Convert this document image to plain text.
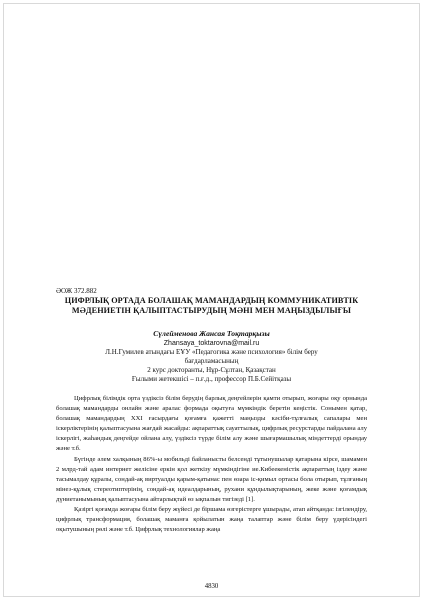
ӘОЖ 372.882

ЦИФРЛЫҚ ОРТАДА БОЛАШАҚ МАМАНДАРДЫҢ КОММУНИКАТИВТІК

МӘДЕНИЕТІН ҚАЛЫПТАСТЫРУДЫҢ МӘНІ МЕН МАҢЫЗДЫЛЫҒЫ

Сүлейменова Жансая Тоқтарқызы

Zhansaya_toktarovna@mail.ru

Л.Н.Гумилев атындағы ЕҰУ «Педагогика және психология» білім беру

бағдарламасының

2 курс докторанты, Нұр-Сұлтан, Қазақстан

Ғылыми жетекшісі – п.ғ.д., профессор П.Б.Сейітқазы

Цифрлық білімдік орта үздіксіз білім берудің барлық деңгейлерін қамти отырып, жоғары оқу орнында болашақ мамандарды онлайн және аралас формада оқытуға мүмкіндік беретін кеңістік. Сонымен қатар, болашақ мамандардың XXI ғасырдағы қоғамға қажетті маңызды кәсіби-тұлғалық сапалары мен іскерліктерінің қалыптасуына жағдай жасайды: ақпараттық сауаттылық, цифрлық ресурстарды пайдалана алу іскерлігі, жаһандық деңгейде ойлана алу, үздіксіз түрде білім алу және шығармашылық міндеттерді орындау және т.б.

Бүгінде әлем халқының 86%-ы мобильді байланысты белсенді тұтынушылар қатарына кірсе, шамамен 2 млрд-тай адам интернет желісіне еркін қол жеткізу мүмкіндігіне ие.Кибеекеністік ақпараттың іздеу және тасымалдау құралы, сондай-ақ виртуалды қарым-қатынас пен өзара іс-қимыл ортасы бола отырып, тұлғаның мінез-құлық стереотиптерінің, сондай-ақ идеалдарының, рухани құндылықтарының, жеке және қоғамдық дүниетанымының қалыптасуына айтарлықтай өз ықпалын тигізеді [1].

Қазіргі қоғамда жоғары білім беру жүйесі де біршама өзгерістерге ұшырады, атап айтқанда: ізгілендіру, цифрлық трансформация, болашақ маманға қойылатын жаңа талаптар және білім беру үдерісіндегі оқытушының рөлі және т.б. Цифрлық технологиялар жаңа

4830
